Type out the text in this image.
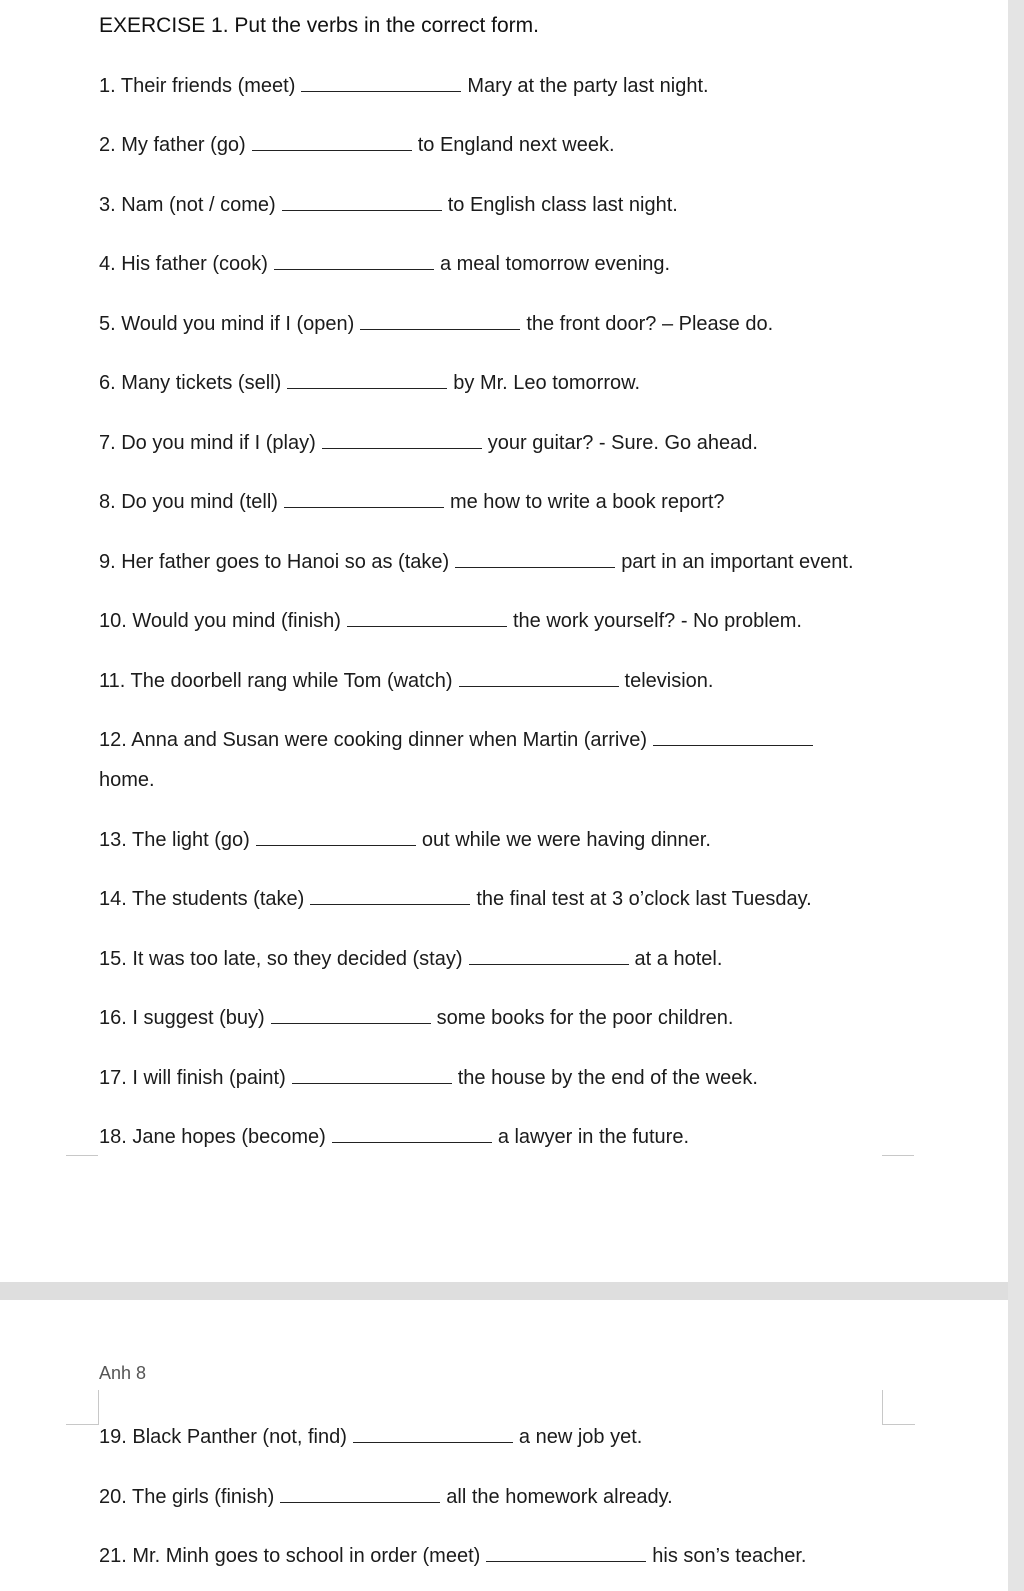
EXERCISE 1. Put the verbs in the correct form.
1. Their friends (meet)	Mary at the party last night.
2. My father (go)	to England next week.
3. Nam (not / come)	to English class last night.
4. His father (cook)	a meal tomorrow evening.
5. Would you mind if I (open)	the front door? – Please do.
6. Many tickets (sell)	by Mr. Leo tomorrow.
7. Do you mind if I (play)	your guitar? - Sure. Go ahead.
8. Do you mind (tell)	me how to write a book report?
9. Her father goes to Hanoi so as (take)	part in an important event.
10. Would you mind (finish)	the work yourself? - No problem.
11. The doorbell rang while Tom (watch)	television.
12. Anna and Susan were cooking dinner when Martin (arrive)
home.
13. The light (go)	out while we were having dinner.
14. The students (take)	the final test at 3 o’clock last Tuesday.
15. It was too late, so they decided (stay)	at a hotel.
16. I suggest (buy)	some books for the poor children.
17. I will finish (paint)	the house by the end of the week.
18. Jane hopes (become)	a lawyer in the future.
Anh 8
19. Black Panther (not, find)	a new job yet.
20. The girls (finish)	all the homework already.
21. Mr. Minh goes to school in order (meet)	his son’s teacher.
